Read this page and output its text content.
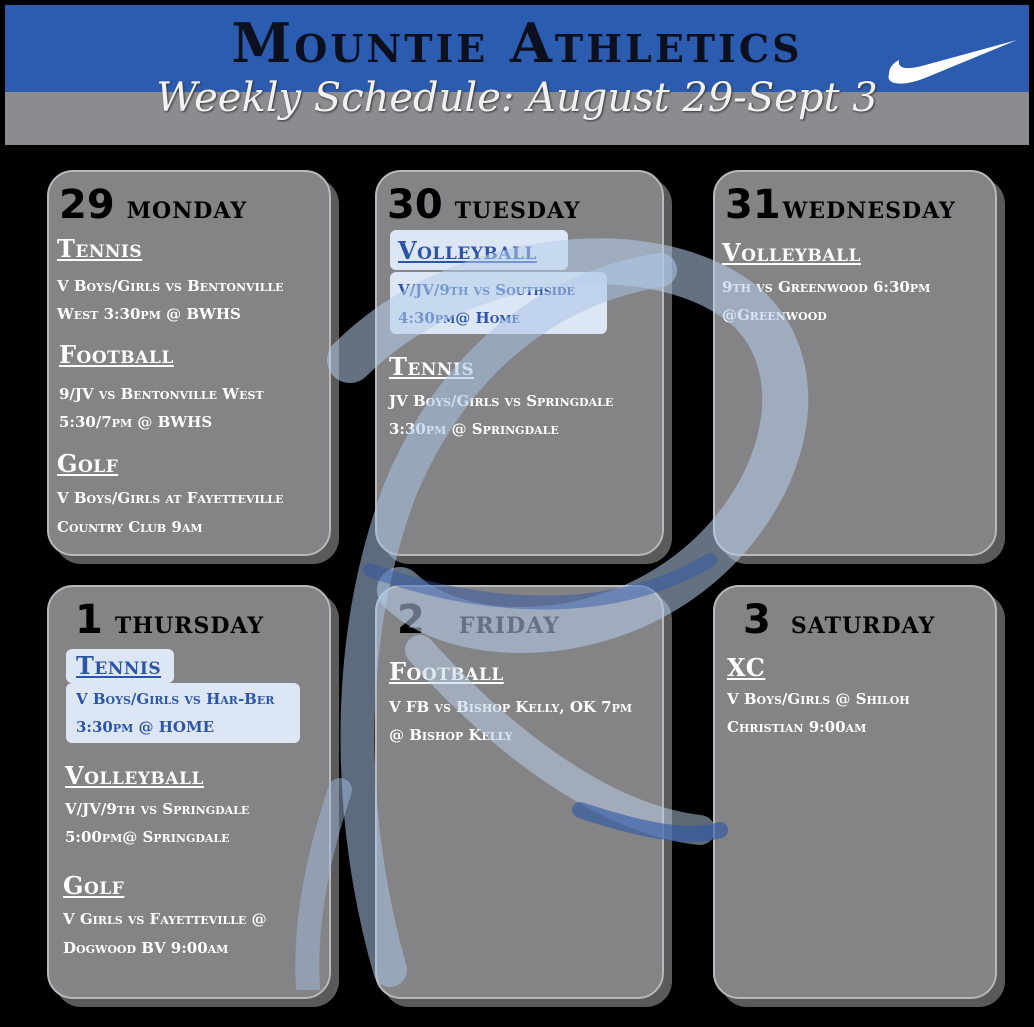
Mountie Athletics
Weekly Schedule: August 29-Sept 3
29 MONDAY
Tennis
V Boys/Girls vs Bentonville
West 3:30pm @ BWHS
Football
9/JV vs Bentonville West
5:30/7pm @ BWHS
Golf
V Boys/Girls at Fayetteville
Country Club 9am
30 TUESDAY
Volleyball
V/JV/9th vs Southside
4:30pm@ Home
Tennis
JV Boys/Girls vs Springdale
3:30pm @ Springdale
31 WEDNESDAY
Volleyball
9th vs Greenwood 6:30pm
@Greenwood
1 THURSDAY
Tennis
V Boys/Girls vs Har-Ber
3:30pm @ HOME
Volleyball
V/JV/9th vs Springdale
5:00pm@ Springdale
Golf
V Girls vs Fayetteville @
Dogwood BV 9:00am
2 FRIDAY
Football
V FB vs Bishop Kelly, OK 7pm
@ Bishop Kelly
3 SATURDAY
XC
V Boys/Girls @ Shiloh
Christian 9:00am
